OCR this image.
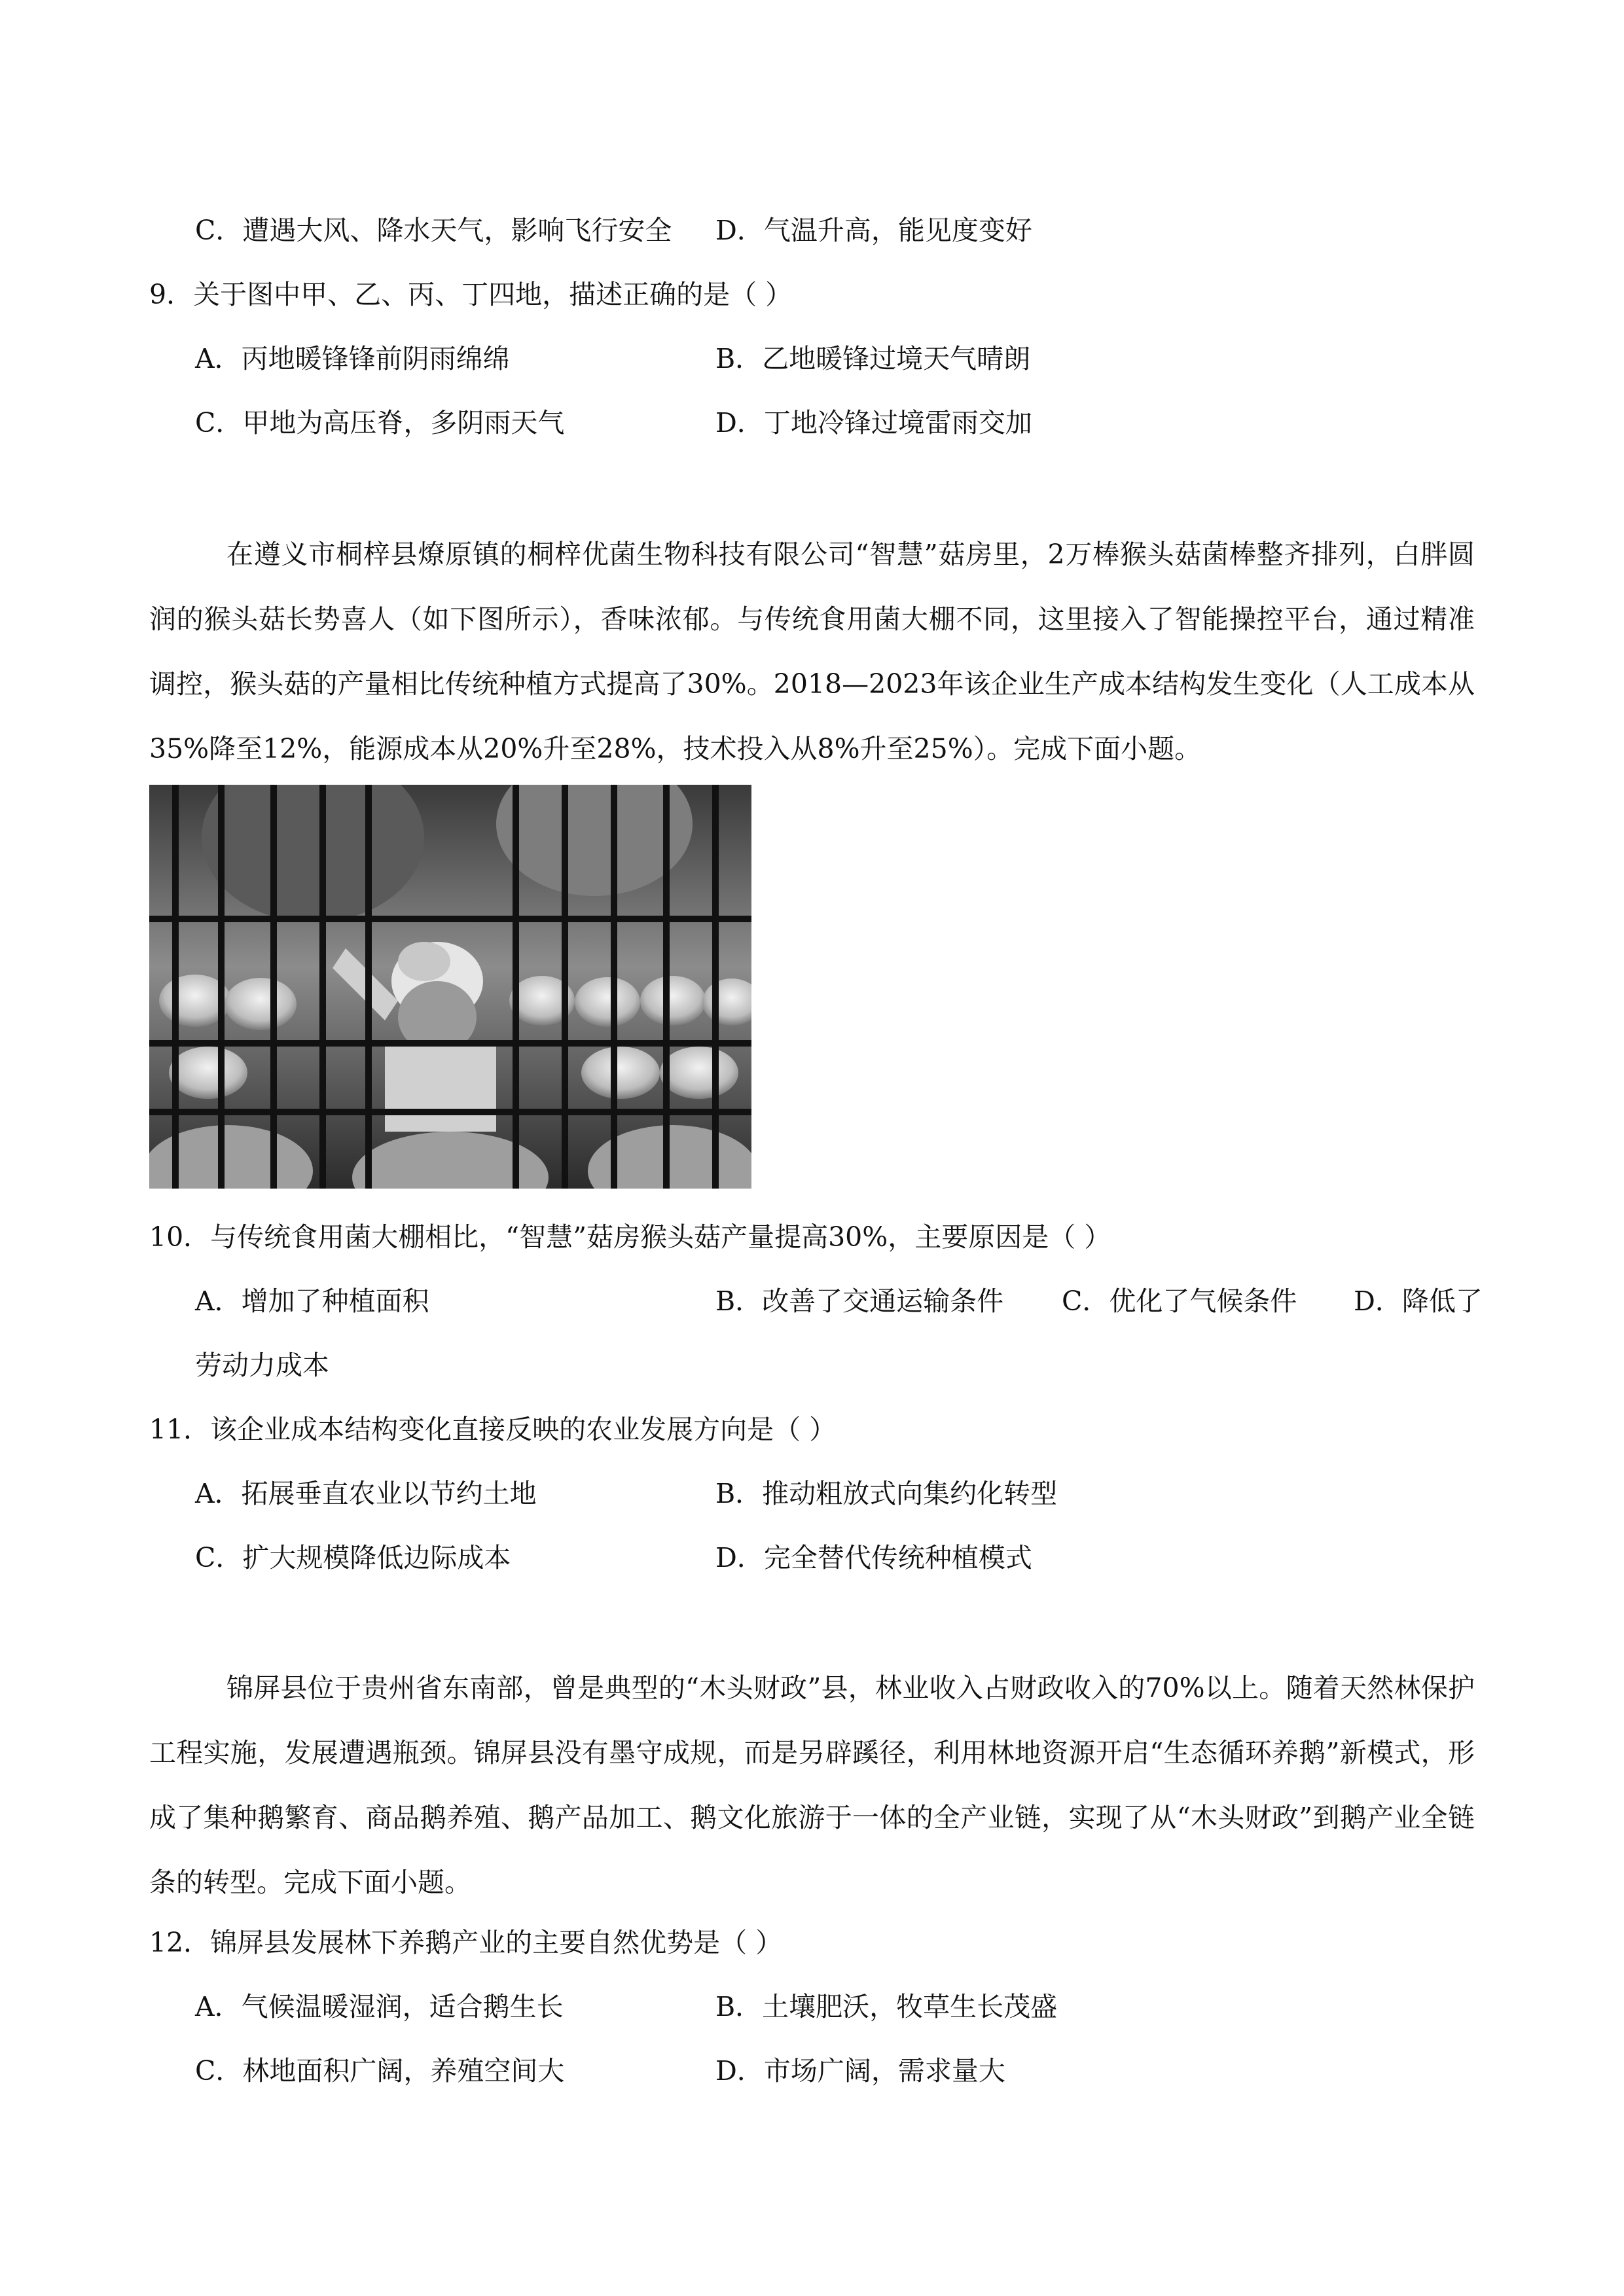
C．遭遇大风、降水天气，影响飞行安全 D．气温升高，能见度变好
9．关于图中甲、乙、丙、丁四地，描述正确的是（ ）
A．丙地暖锋锋前阴雨绵绵	B．乙地暖锋过境天气晴朗
C．甲地为高压脊，多阴雨天气	D．丁地冷锋过境雷雨交加
在遵义市桐梓县燎原镇的桐梓优菌生物科技有限公司“智慧”菇房里，2万棒猴头菇菌棒整齐排列，白胖圆润的猴头菇长势喜人（如下图所示），香味浓郁。与传统食用菌大棚不同，这里接入了智能操控平台，通过精准调控，猴头菇的产量相比传统种植方式提高了30%。2018—2023年该企业生产成本结构发生变化（人工成本从35%降至12%，能源成本从20%升至28%，技术投入从8%升至25%）。完成下面小题。
10．与传统食用菌大棚相比，“智慧”菇房猴头菇产量提高30%，主要原因是（ ）
A．增加了种植面积	B．改善了交通运输条件 C．优化了气候条件 D．降低了
劳动力成本
11．该企业成本结构变化直接反映的农业发展方向是（ ）
A．拓展垂直农业以节约土地	B．推动粗放式向集约化转型
C．扩大规模降低边际成本	D．完全替代传统种植模式
锦屏县位于贵州省东南部，曾是典型的“木头财政”县，林业收入占财政收入的70%以上。随着天然林保护工程实施，发展遭遇瓶颈。锦屏县没有墨守成规，而是另辟蹊径，利用林地资源开启“生态循环养鹅”新模式，形成了集种鹅繁育、商品鹅养殖、鹅产品加工、鹅文化旅游于一体的全产业链，实现了从“木头财政”到鹅产业全链条的转型。完成下面小题。
12．锦屏县发展林下养鹅产业的主要自然优势是（ ）
A．气候温暖湿润，适合鹅生长	B．土壤肥沃，牧草生长茂盛
C．林地面积广阔，养殖空间大	D．市场广阔，需求量大
